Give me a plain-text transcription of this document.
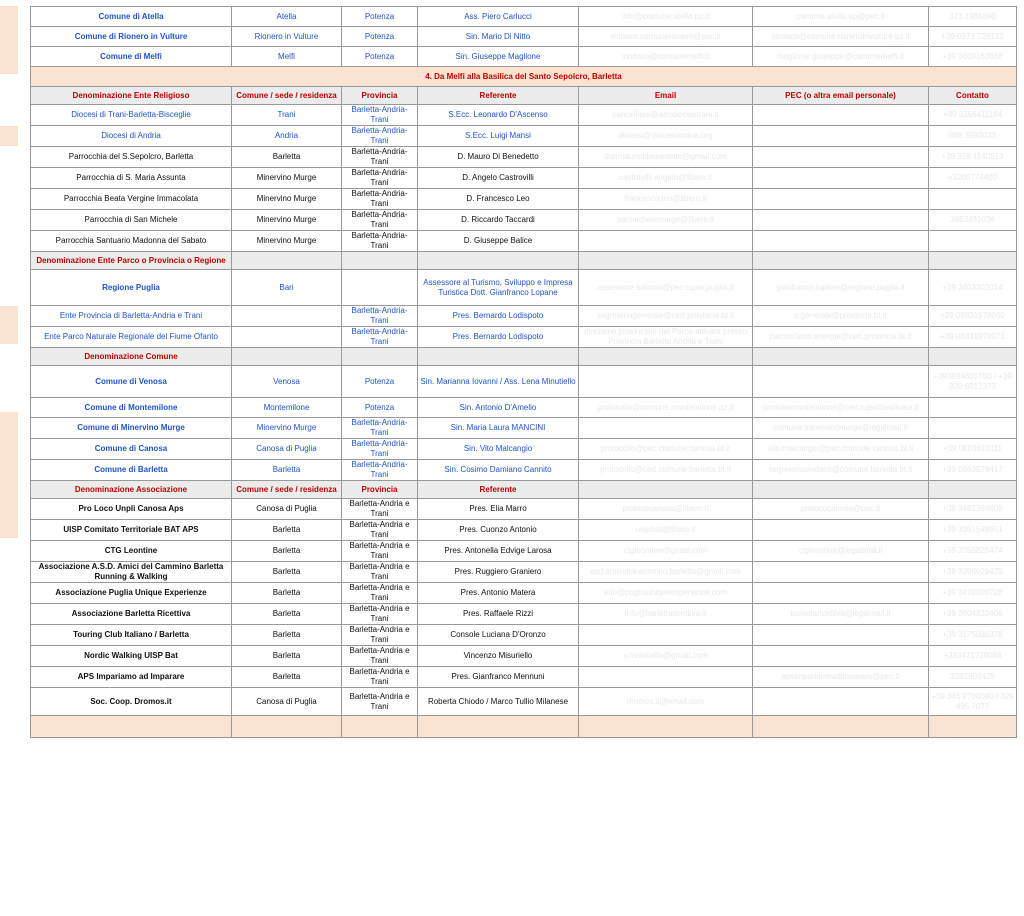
Comune di Atella	Atella	Potenza	Ass. Piero Carlucci	info@comune.atella.pz.it	comune.atella.ap@pec.it	371 1985690
Comune di Rionero in Vulture	Rionero in Vulture	Potenza	Sin. Mario Di Nitto	sindaco.comunerionero@pec.it	sindaco@comune.rioneroinvulture.pz.it	+39 0972 729172
Comune di Melfi	Melfi	Potenza	Sin. Giuseppe Maglione	sindaco@comunemelfi.it	maglione.giuseppe@comunemelfi.it	+39 3669163868
4. Da Melfi alla Basilica del Santo Sepolcro, Barletta						
Denominazione Ente Religioso	Comune / sede / residenza	Provincia	Referente	Email	PEC (o altra email personale)	Contatto
Diocesi di Trani-Barletta-Bisceglie	Trani	Barletta-Andria-Trani	S.Ecc. Leonardo D'Ascenso	cancelliere@arcidiocesitrani.it		+39 3356411184
Diocesi di Andria	Andria	Barletta-Andria-Trani	S.Ecc. Luigi Mansi	diocesi@diocesiandria.org		088 3593033
Parrocchia del S.Sepolcro, Barletta	Barletta	Barletta-Andria-Trani	D. Mauro Di Benedetto	donmaurodibenedetto@gmail.com		+39 328 1140513
Parrocchia di S. Maria Assunta	Minervino Murge	Barletta-Andria-Trani	D. Angelo Castrovilli	castrovilli.angelo@libero.it		+3200774400
Parrocchia Beata Vergine Immacolata	Minervino Murge	Barletta-Andria-Trani	D. Francesco Leo	francesco.leo@libero.it		
Parrocchia di San Michele	Minervino Murge	Barletta-Andria-Trani	D. Riccardo Taccardi	sanmichelemurge@libero.it		3883481036
Parrocchia Santuario Madonna del Sabato	Minervino Murge	Barletta-Andria-Trani	D. Giuseppe Balice			
Denominazione Ente Parco o Provincia o Regione						
Regione Puglia	Bari		Assessore al Turismo, Sviluppo e Impresa Turistica Dott. Gianfranco Lopane	assessore.turismo@pec.rupar.puglia.it	gianfranco.lopane@regione.puglia.it	+39 3403302014
Ente Provincia di Barletta-Andria e Trani		Barletta-Andria-Trani	Pres. Bernardo Lodispoto	segreteriagenerale@cert.provincia.bt.it	s.generale@provincia.bt.it	+39 08831978050
Ente Parco Naturale Regionale del Fiume Ofanto		Barletta-Andria-Trani	Pres. Bernardo Lodispoto	direzione.provinciale del Parco attivata presso Provincia Barletta Andria e Trani	parcoofanto.energia@cert.provincia.bt.it	+39 08831978071
Denominazione Comune						
Comune di Venosa	Venosa	Potenza	Sin. Marianna Iovanni / Ass. Lena Minutiello			+393894601750 / +39 320 6012373
Comune di Montemilone	Montemilone	Potenza	Sin. Antonio D'Amelio	protocollo@comune.montemilone.pz.it	comunemontemilone@cert.ruparbasilicata.it	
Comune di Minervino Murge	Minervino Murge	Barletta-Andria-Trani	Sin. Maria Laura MANCINI		comune.minervinomurge@legalmail.it	
Comune di Canosa	Canosa di Puglia	Barletta-Andria-Trani	Sin. Vito Malcangio	protocollo@pec.comune.canosa.bt.it	vito.malcangio@pec.comune.canosa.bt.it	+39 0883610111
Comune di Barletta	Barletta	Barletta-Andria-Trani	Sin. Cosimo Damiano Cannito	protocollo@cert.comune.barletta.bt.it	segreteriasindaco@comune.barletta.bt.it	+39 0883578417
Denominazione Associazione	Comune / sede / residenza	Provincia	Referente			
Pro Loco Unpli Canosa Aps	Canosa di Puglia	Barletta-Andria e Trani	Pres. Elia Marro	prolococanosa@libero.it	prolococanosa@pec.it	+39 3482368809
UISP Comitato Territoriale BAT APS	Barletta	Barletta-Andria e Trani	Pres. Cuonzo Antonio	uispbat@libero.it		+39 3391548951
CTG Leontine	Barletta	Barletta-Andria e Trani	Pres. Antonella Edvige Larosa	ctgleontine@gmail.com	ctgleontine@legalmail.it	+39 3356825474
Associazione A.S.D. Amici del Cammino Barletta Running & Walking	Barletta	Barletta-Andria e Trani	Pres. Ruggiero Graniero	asd.amicidelcammino.barletta@gmail.com		+39 3396029475
Associazione Puglia Unique Experienze	Barletta	Barletta-Andria e Trani	Pres. Antonio Matera	info@pugliauniqueexperience.com		+39 3470008728
Associazione Barletta Ricettiva	Barletta	Barletta-Andria e Trani	Pres. Raffaele Rizzi	info@barlettaricettiva.it	barlettaricettiva@legalmail.it	+39 3804832406
Touring Club Italiano / Barletta	Barletta	Barletta-Andria e Trani	Console Luciana D'Oronzo			+39 3175086378
Nordic Walking UISP Bat	Barletta	Barletta-Andria e Trani	Vincenzo Misuriello	v.misuriello@gmail.com		+393471728068
APS Impariamo ad Imparare	Barletta	Barletta-Andria e Trani	Pres. Gianfranco Mennuni		apsimpariamoadimparare@pec.it	3282902429
Soc. Coop. Dromos.it	Canosa di Puglia	Barletta-Andria e Trani	Roberta Chiodo / Marco Tullio Milanese	dromos.it@email.com		+39 346 2780080 / 329 495 7077
